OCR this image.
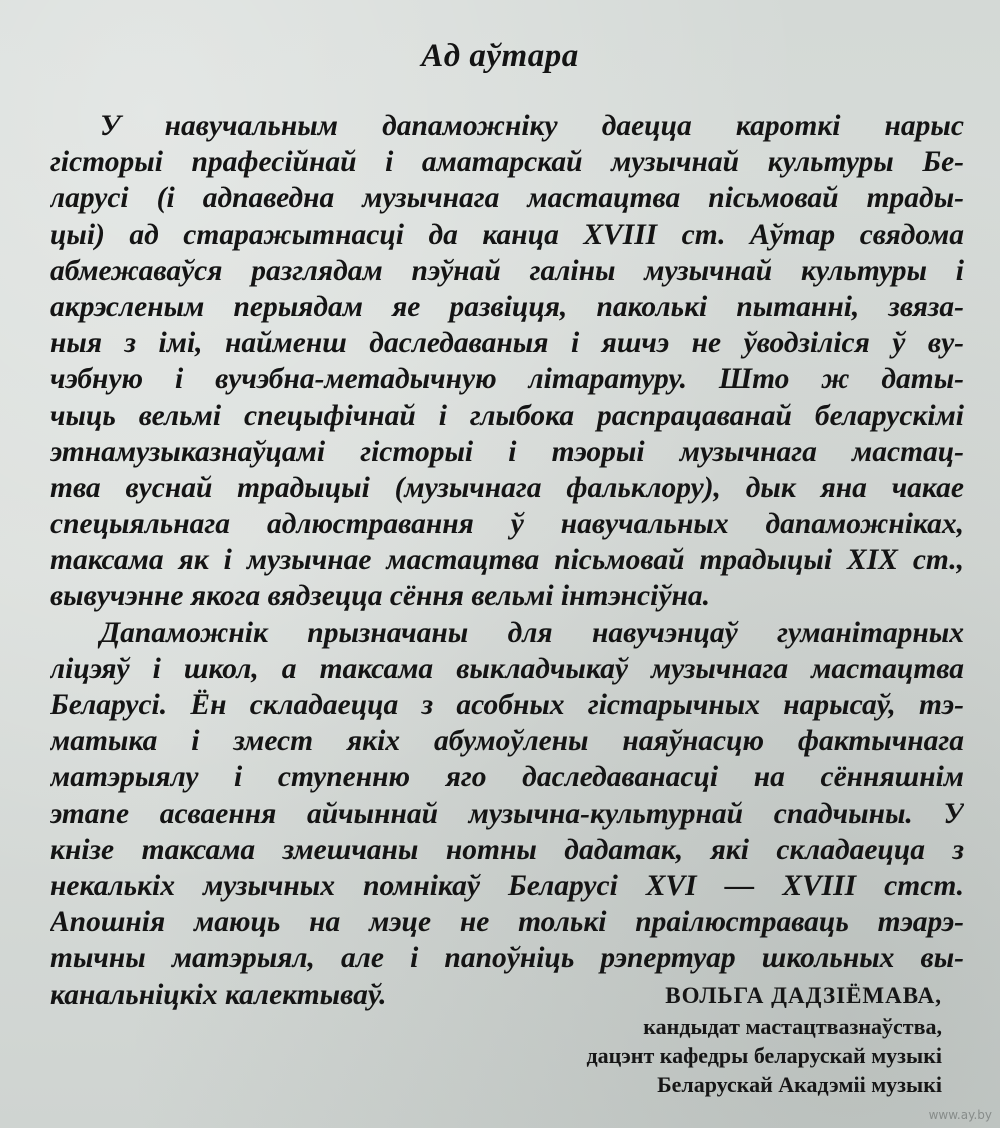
Ад аўтара
У навучальным дапаможніку даецца кароткі нарыс
гісторыі прафесійнай і аматарскай музычнай культуры Бе-
ларусі (і адпаведна музычнага мастацтва пісьмовай трады-
цыі) ад старажытнасці да канца XVIII ст. Аўтар свядома
абмежаваўся разглядам пэўнай галіны музычнай культуры і
акрэсленым перыядам яе развіцця, паколькі пытанні, звяза-
ныя з імі, найменш даследаваныя і яшчэ не ўводзіліся ў ву-
чэбную і вучэбна-метадычную літаратуру. Што ж даты-
чыць вельмі спецыфічнай і глыбока распрацаванай беларускімі
этнамузыказнаўцамі гісторыі і тэорыі музычнага мастац-
тва вуснай традыцыі (музычнага фальклору), дык яна чакае
спецыяльнага адлюстравання ў навучальных дапаможніках,
таксама як і музычнае мастацтва пісьмовай традыцыі XIX ст.,
вывучэнне якога вядзецца сёння вельмі інтэнсіўна.
Дапаможнік прызначаны для навучэнцаў гуманітарных
ліцэяў і школ, а таксама выкладчыкаў музычнага мастацтва
Беларусі. Ён складаецца з асобных гістарычных нарысаў, тэ-
матыка і змест якіх абумоўлены наяўнасцю фактычнага
матэрыялу і ступенню яго даследаванасці на сённяшнім
этапе асваення айчыннай музычна-культурнай спадчыны. У
кнізе таксама змешчаны нотны дадатак, які складаецца з
некалькіх музычных помнікаў Беларусі XVI — XVIII стст.
Апошнія маюць на мэце не толькі праілюстраваць тэарэ-
тычны матэрыял, але і папоўніць рэпертуар школьных вы-
канальніцкіх калектываў.	ВОЛЬГА ДАДЗІЁМАВА,
кандыдат мастацтвазнаўства,
дацэнт кафедры беларускай музыкі
Беларускай Акадэміі музыкі
www.ay.by
